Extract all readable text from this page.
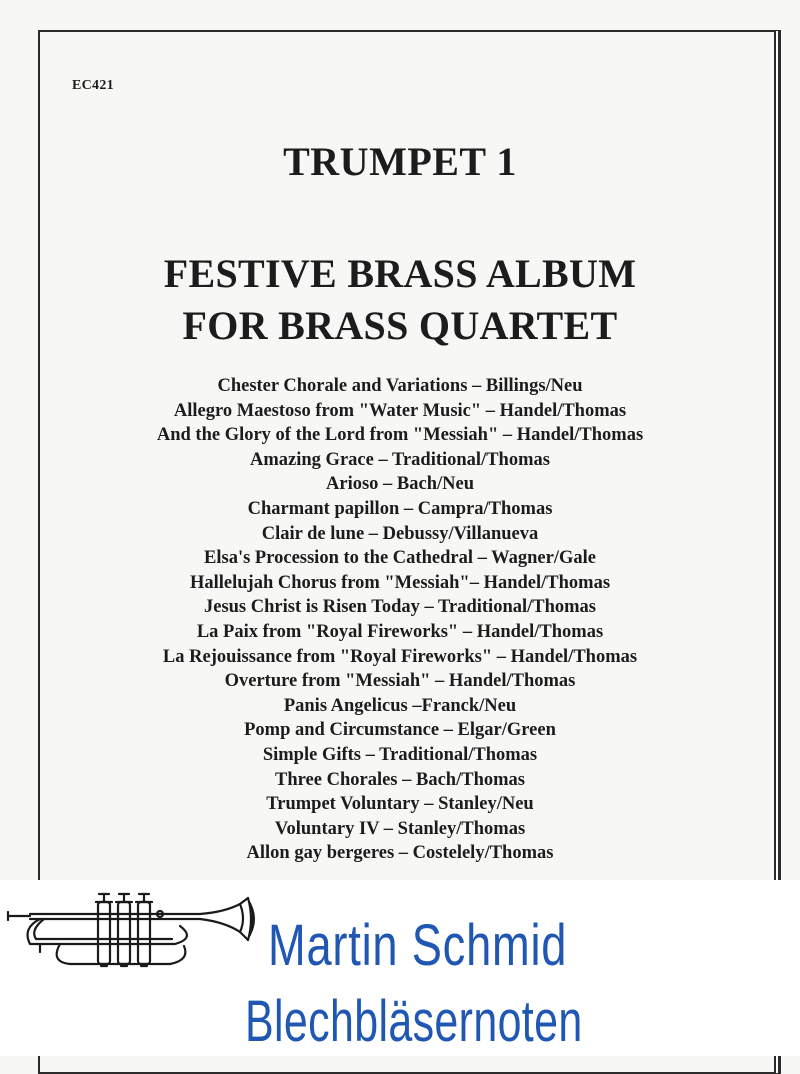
EC421
TRUMPET 1
FESTIVE BRASS ALBUM
FOR BRASS QUARTET
Chester Chorale and Variations – Billings/Neu
Allegro Maestoso from "Water Music" – Handel/Thomas
And the Glory of the Lord from "Messiah" – Handel/Thomas
Amazing Grace – Traditional/Thomas
Arioso – Bach/Neu
Charmant papillon – Campra/Thomas
Clair de lune – Debussy/Villanueva
Elsa's Procession to the Cathedral – Wagner/Gale
Hallelujah Chorus from "Messiah"– Handel/Thomas
Jesus Christ is Risen Today – Traditional/Thomas
La Paix from "Royal Fireworks" – Handel/Thomas
La Rejouissance from "Royal Fireworks" – Handel/Thomas
Overture from "Messiah" – Handel/Thomas
Panis Angelicus –Franck/Neu
Pomp and Circumstance – Elgar/Green
Simple Gifts – Traditional/Thomas
Three Chorales – Bach/Thomas
Trumpet Voluntary – Stanley/Neu
Voluntary IV – Stanley/Thomas
Allon gay bergeres – Costelely/Thomas
Martin Schmid
Blechbläsernoten
